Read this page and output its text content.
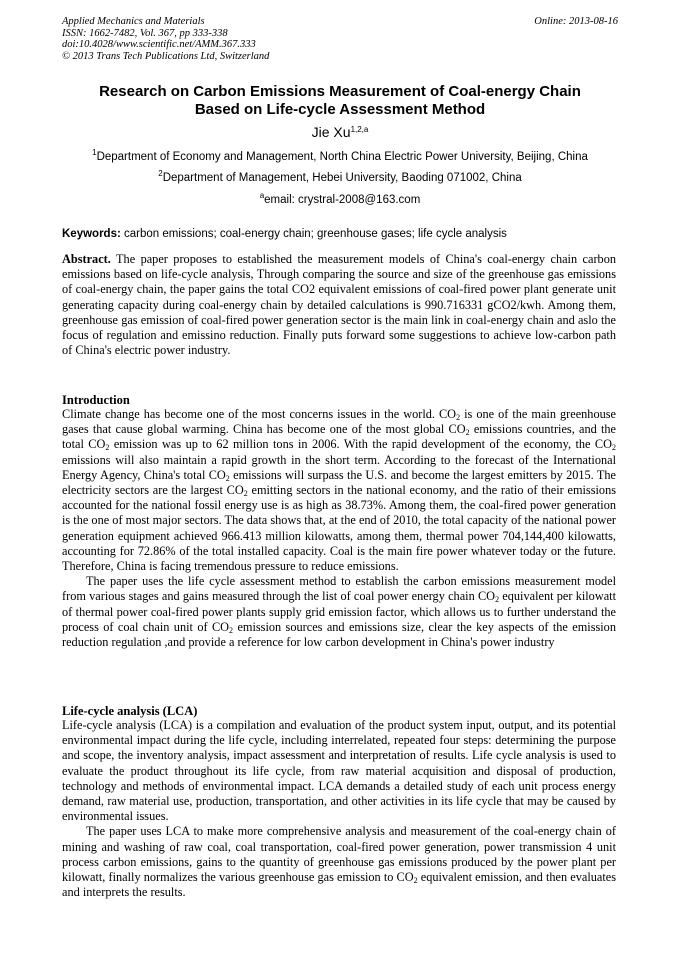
Applied Mechanics and Materials
ISSN: 1662-7482, Vol. 367, pp 333-338
doi:10.4028/www.scientific.net/AMM.367.333
© 2013 Trans Tech Publications Ltd, Switzerland
Online: 2013-08-16
Research on Carbon Emissions Measurement of Coal-energy Chain
Based on Life-cycle Assessment Method
Jie Xu$^{1,2,a}$
$^1$Department of Economy and Management, North China Electric Power University, Beijing, China
$^2$Department of Management, Hebei University, Baoding 071002, China
$^a$email: crystral-2008@163.com
Keywords: carbon emissions; coal-energy chain; greenhouse gases; life cycle analysis
Abstract. The paper proposes to established the measurement models of China's coal-energy chain carbon emissions based on life-cycle analysis, Through comparing the source and size of the greenhouse gas emissions of coal-energy chain, the paper gains the total CO2 equivalent emissions of coal-fired power plant generate unit generating capacity during coal-energy chain by detailed calculations is 990.716331 gCO2/kwh. Among them, greenhouse gas emission of coal-fired power generation sector is the main link in coal-energy chain and aslo the focus of regulation and emissino reduction. Finally puts forward some suggestions to achieve low-carbon path of China's electric power industry.
Introduction

Climate change has become one of the most concerns issues in the world. $CO_2$ is one of the main greenhouse gases that cause global warming. China has become one of the most global $CO_2$ emissions countries, and the total $CO_2$ emission was up to 62 million tons in 2006. With the rapid development of the economy, the $CO_2$ emissions will also maintain a rapid growth in the short term. According to the forecast of the International Energy Agency, China's total $CO_2$ emissions will surpass the U.S. and become the largest emitters by 2015. The electricity sectors are the largest $CO_2$ emitting sectors in the national economy, and the ratio of their emissions accounted for the national fossil energy use is as high as 38.73%. Among them, the coal-fired power generation is the one of most major sectors. The data shows that, at the end of 2010, the total capacity of the national power generation equipment achieved 966.413 million kilowatts, among them, thermal power 704,144,400 kilowatts, accounting for 72.86% of the total installed capacity. Coal is the main fire power whatever today or the future. Therefore, China is facing tremendous pressure to reduce emissions.

The paper uses the life cycle assessment method to establish the carbon emissions measurement model from various stages and gains measured through the list of coal power energy chain $CO_2$ equivalent per kilowatt of thermal power coal-fired power plants supply grid emission factor, which allows us to further understand the process of coal chain unit of $CO_2$ emission sources and emissions size, clear the key aspects of the emission reduction regulation ,and provide a reference for low carbon development in China's power industry

Life-cycle analysis (LCA)

Life-cycle analysis (LCA) is a compilation and evaluation of the product system input, output, and its potential environmental impact during the life cycle, including interrelated, repeated four steps: determining the purpose and scope, the inventory analysis, impact assessment and interpretation of results. Life cycle analysis is used to evaluate the product throughout its life cycle, from raw material acquisition and disposal of production, technology and methods of environmental impact. LCA demands a detailed study of each unit process energy demand, raw material use, production, transportation, and other activities in its life cycle that may be caused by environmental issues.

The paper uses LCA to make more comprehensive analysis and measurement of the coal-energy chain of mining and washing of raw coal, coal transportation, coal-fired power generation, power transmission 4 unit process carbon emissions, gains to the quantity of greenhouse gas emissions produced by the power plant per kilowatt, finally normalizes the various greenhouse gas emission to $CO_2$ equivalent emission, and then evaluates and interprets the results.
